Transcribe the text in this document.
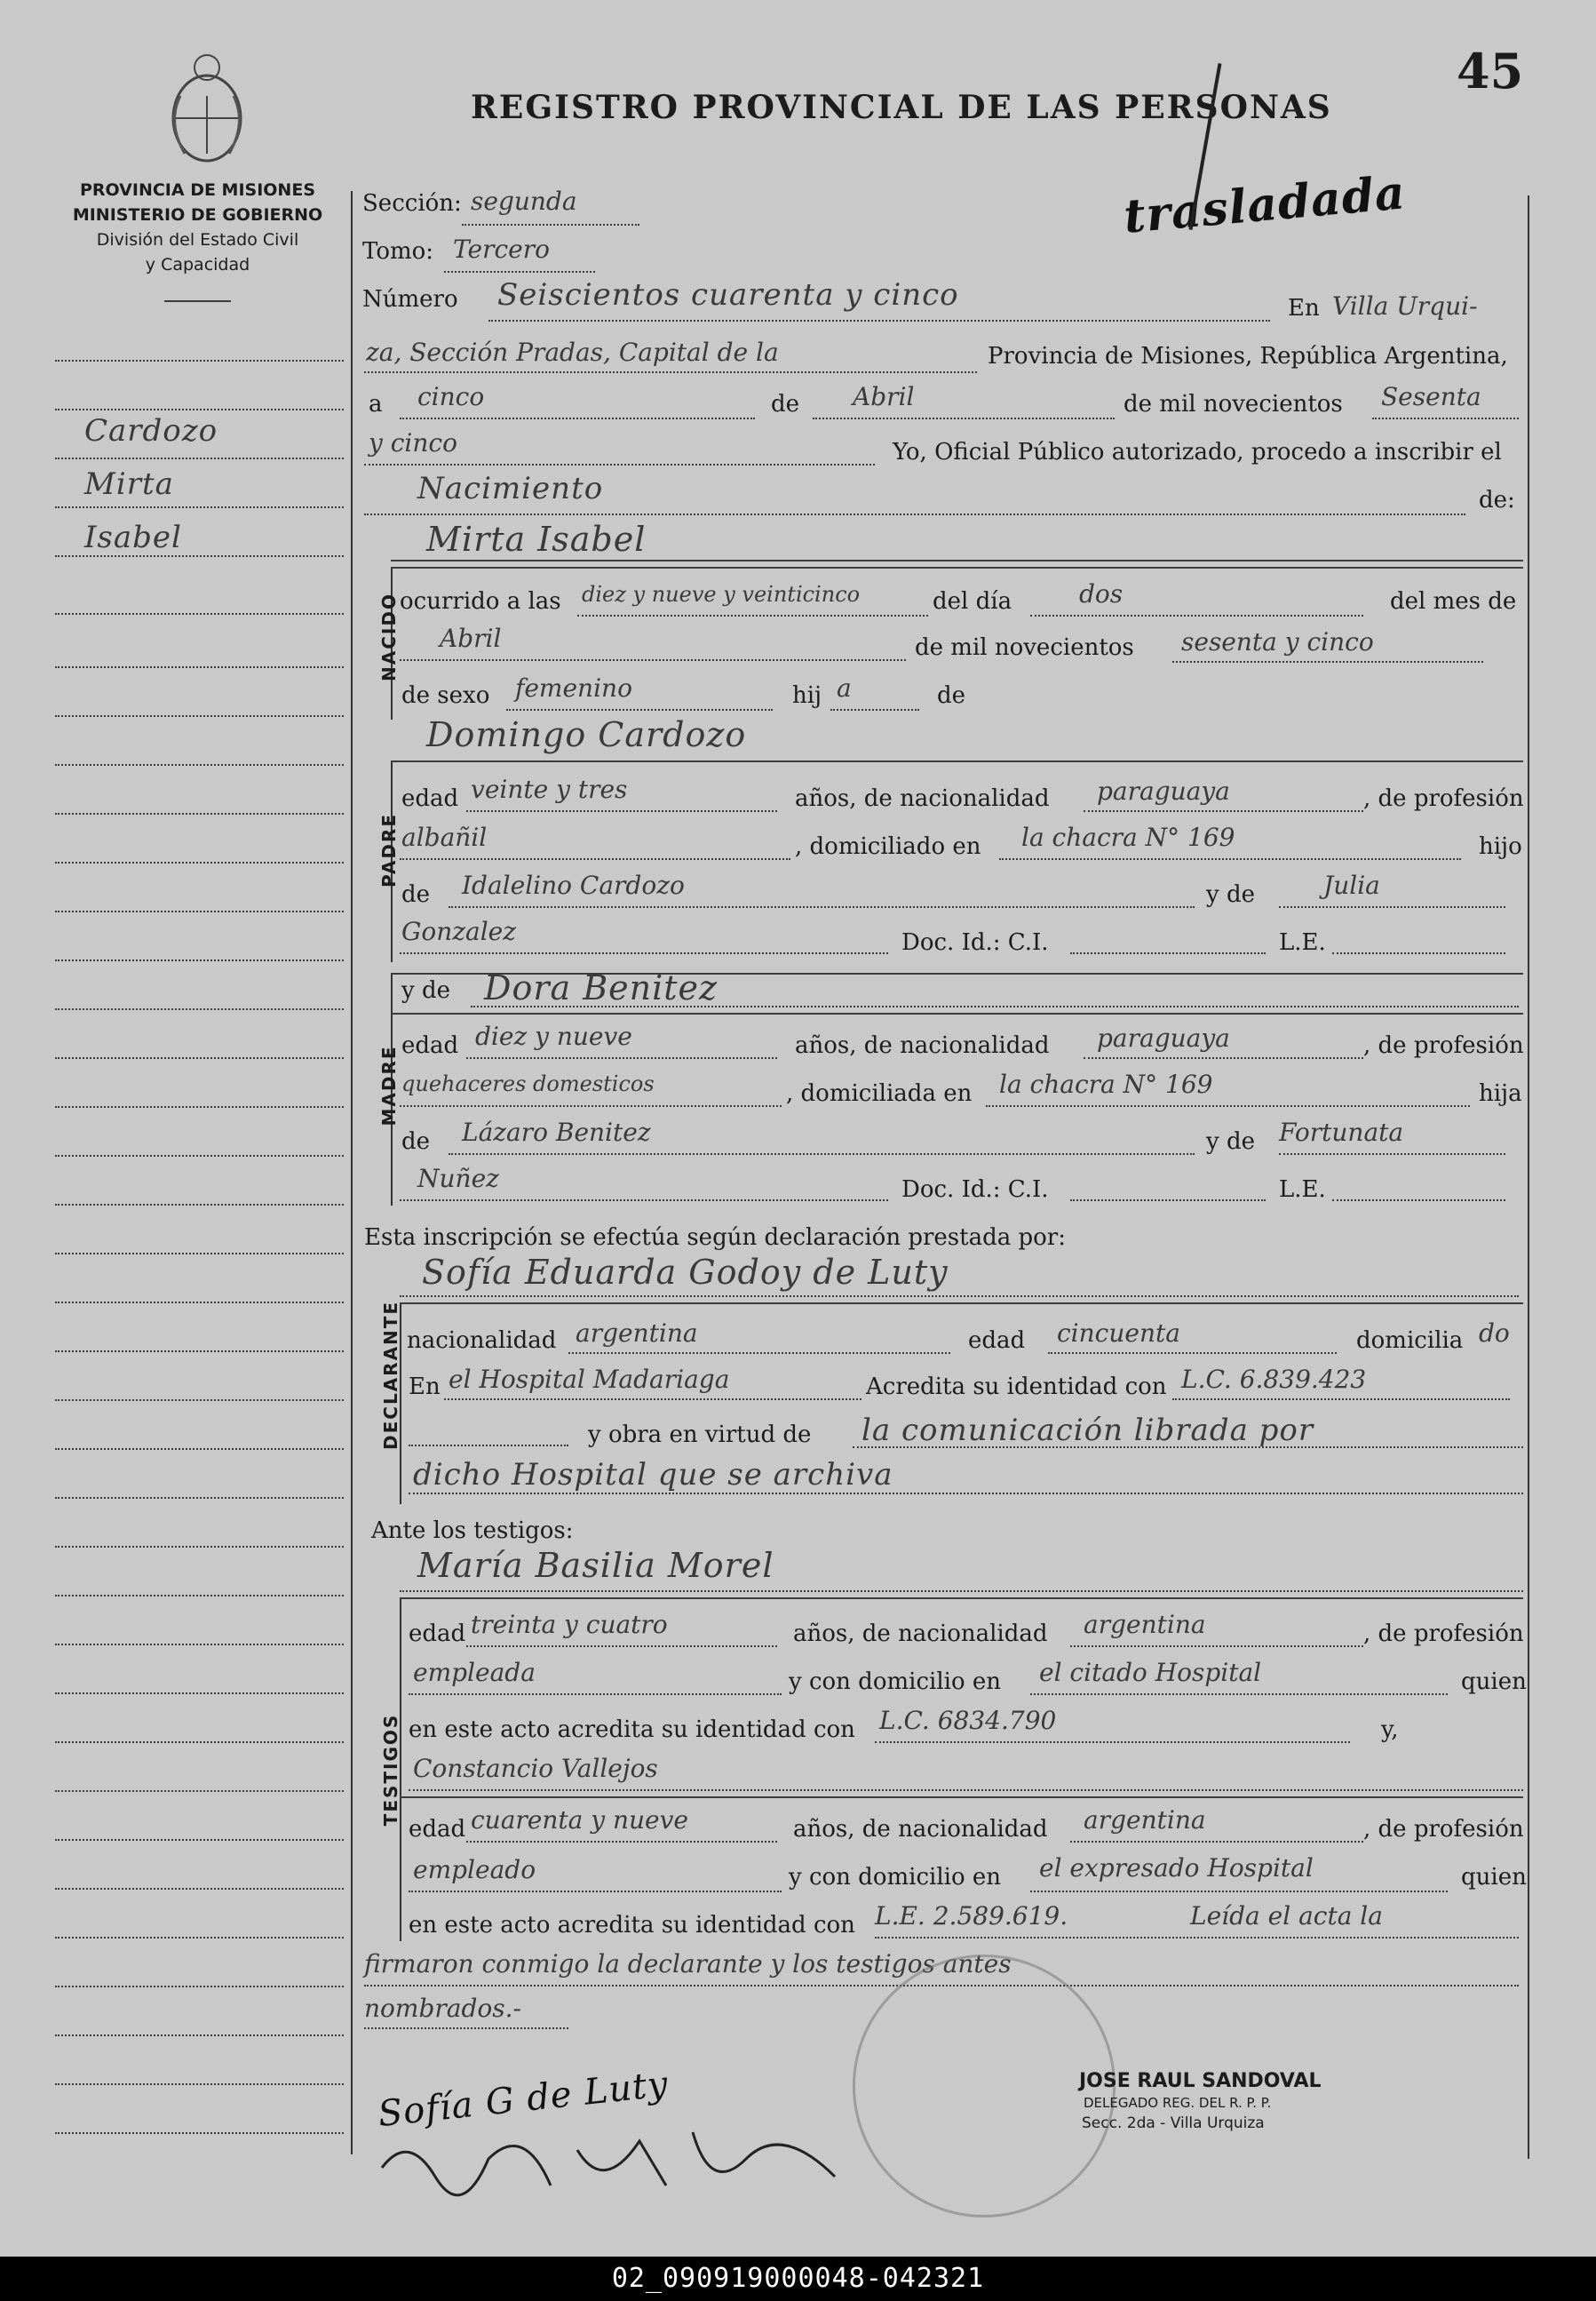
PROVINCIA DE MISIONES
MINISTERIO DE GOBIERNO
División del Estado Civil
y Capacidad
REGISTRO PROVINCIAL DE LAS PERSONAS
45
trasladada
Cardozo
Mirta
Isabel
Sección: segunda
Tomo: Tercero
Número Seiscientos cuarenta y cinco	En Villa Urqui-
za, Sección Pradas, Capital de la	Provincia de Misiones, República Argentina,
a cinco	de Abril	de mil novecientos Sesenta
y cinco	Yo, Oficial Público autorizado, procedo a inscribir el
Nacimiento	de:
Mirta Isabel
NACIDO ocurrido a las diez y nueve y veinticinco	del día	dos	del mes de
Abril	de mil novecientos sesenta y cinco
de sexo femenino	hij a	de
Domingo Cardozo
PADRE
edad veinte y tres	años, de nacionalidad paraguaya	, de profesión
albañil	, domiciliado en la chacra N° 169	hijo
de Idalelino Cardozo	y de	Julia
Gonzalez	Doc. Id.: C.I.	L.E.
MADRE
y de Dora Benitez
edad diez y nueve	años, de nacionalidad paraguaya	, de profesión
quehaceres domesticos	, domiciliada en la chacra N° 169	hija
de Lázaro Benitez	y de Fortunata
Nuñez	Doc. Id.: C.I.	L.E.
Esta inscripción se efectúa según declaración prestada por:
Sofía Eduarda Godoy de Luty
DECLARANTE nacionalidad argentina	edad cincuenta	domicilia do
En el Hospital Madariaga	Acredita su identidad con L.C. 6.839.423
y obra en virtud de la comunicación librada por
dicho Hospital que se archiva
Ante los testigos:
María Basilia Morel
TESTIGOS
edad treinta y cuatro	años, de nacionalidad argentina	, de profesión
empleada	y con domicilio en el citado Hospital	quien
en este acto acredita su identidad con L.C. 6834.790	y,
Constancio Vallejos
edad cuarenta y nueve	años, de nacionalidad argentina	, de profesión
empleado	y con domicilio en el expresado Hospital	quien
en este acto acredita su identidad con L.E. 2.589.619.	Leída el acta la
firmaron conmigo la declarante y los testigos antes
nombrados.-
Sofía G de Luty	JOSE RAUL SANDOVAL
DELEGADO REG. DEL R. P. P.
Secc. 2da - Villa Urquiza
02_090919000048-042321
